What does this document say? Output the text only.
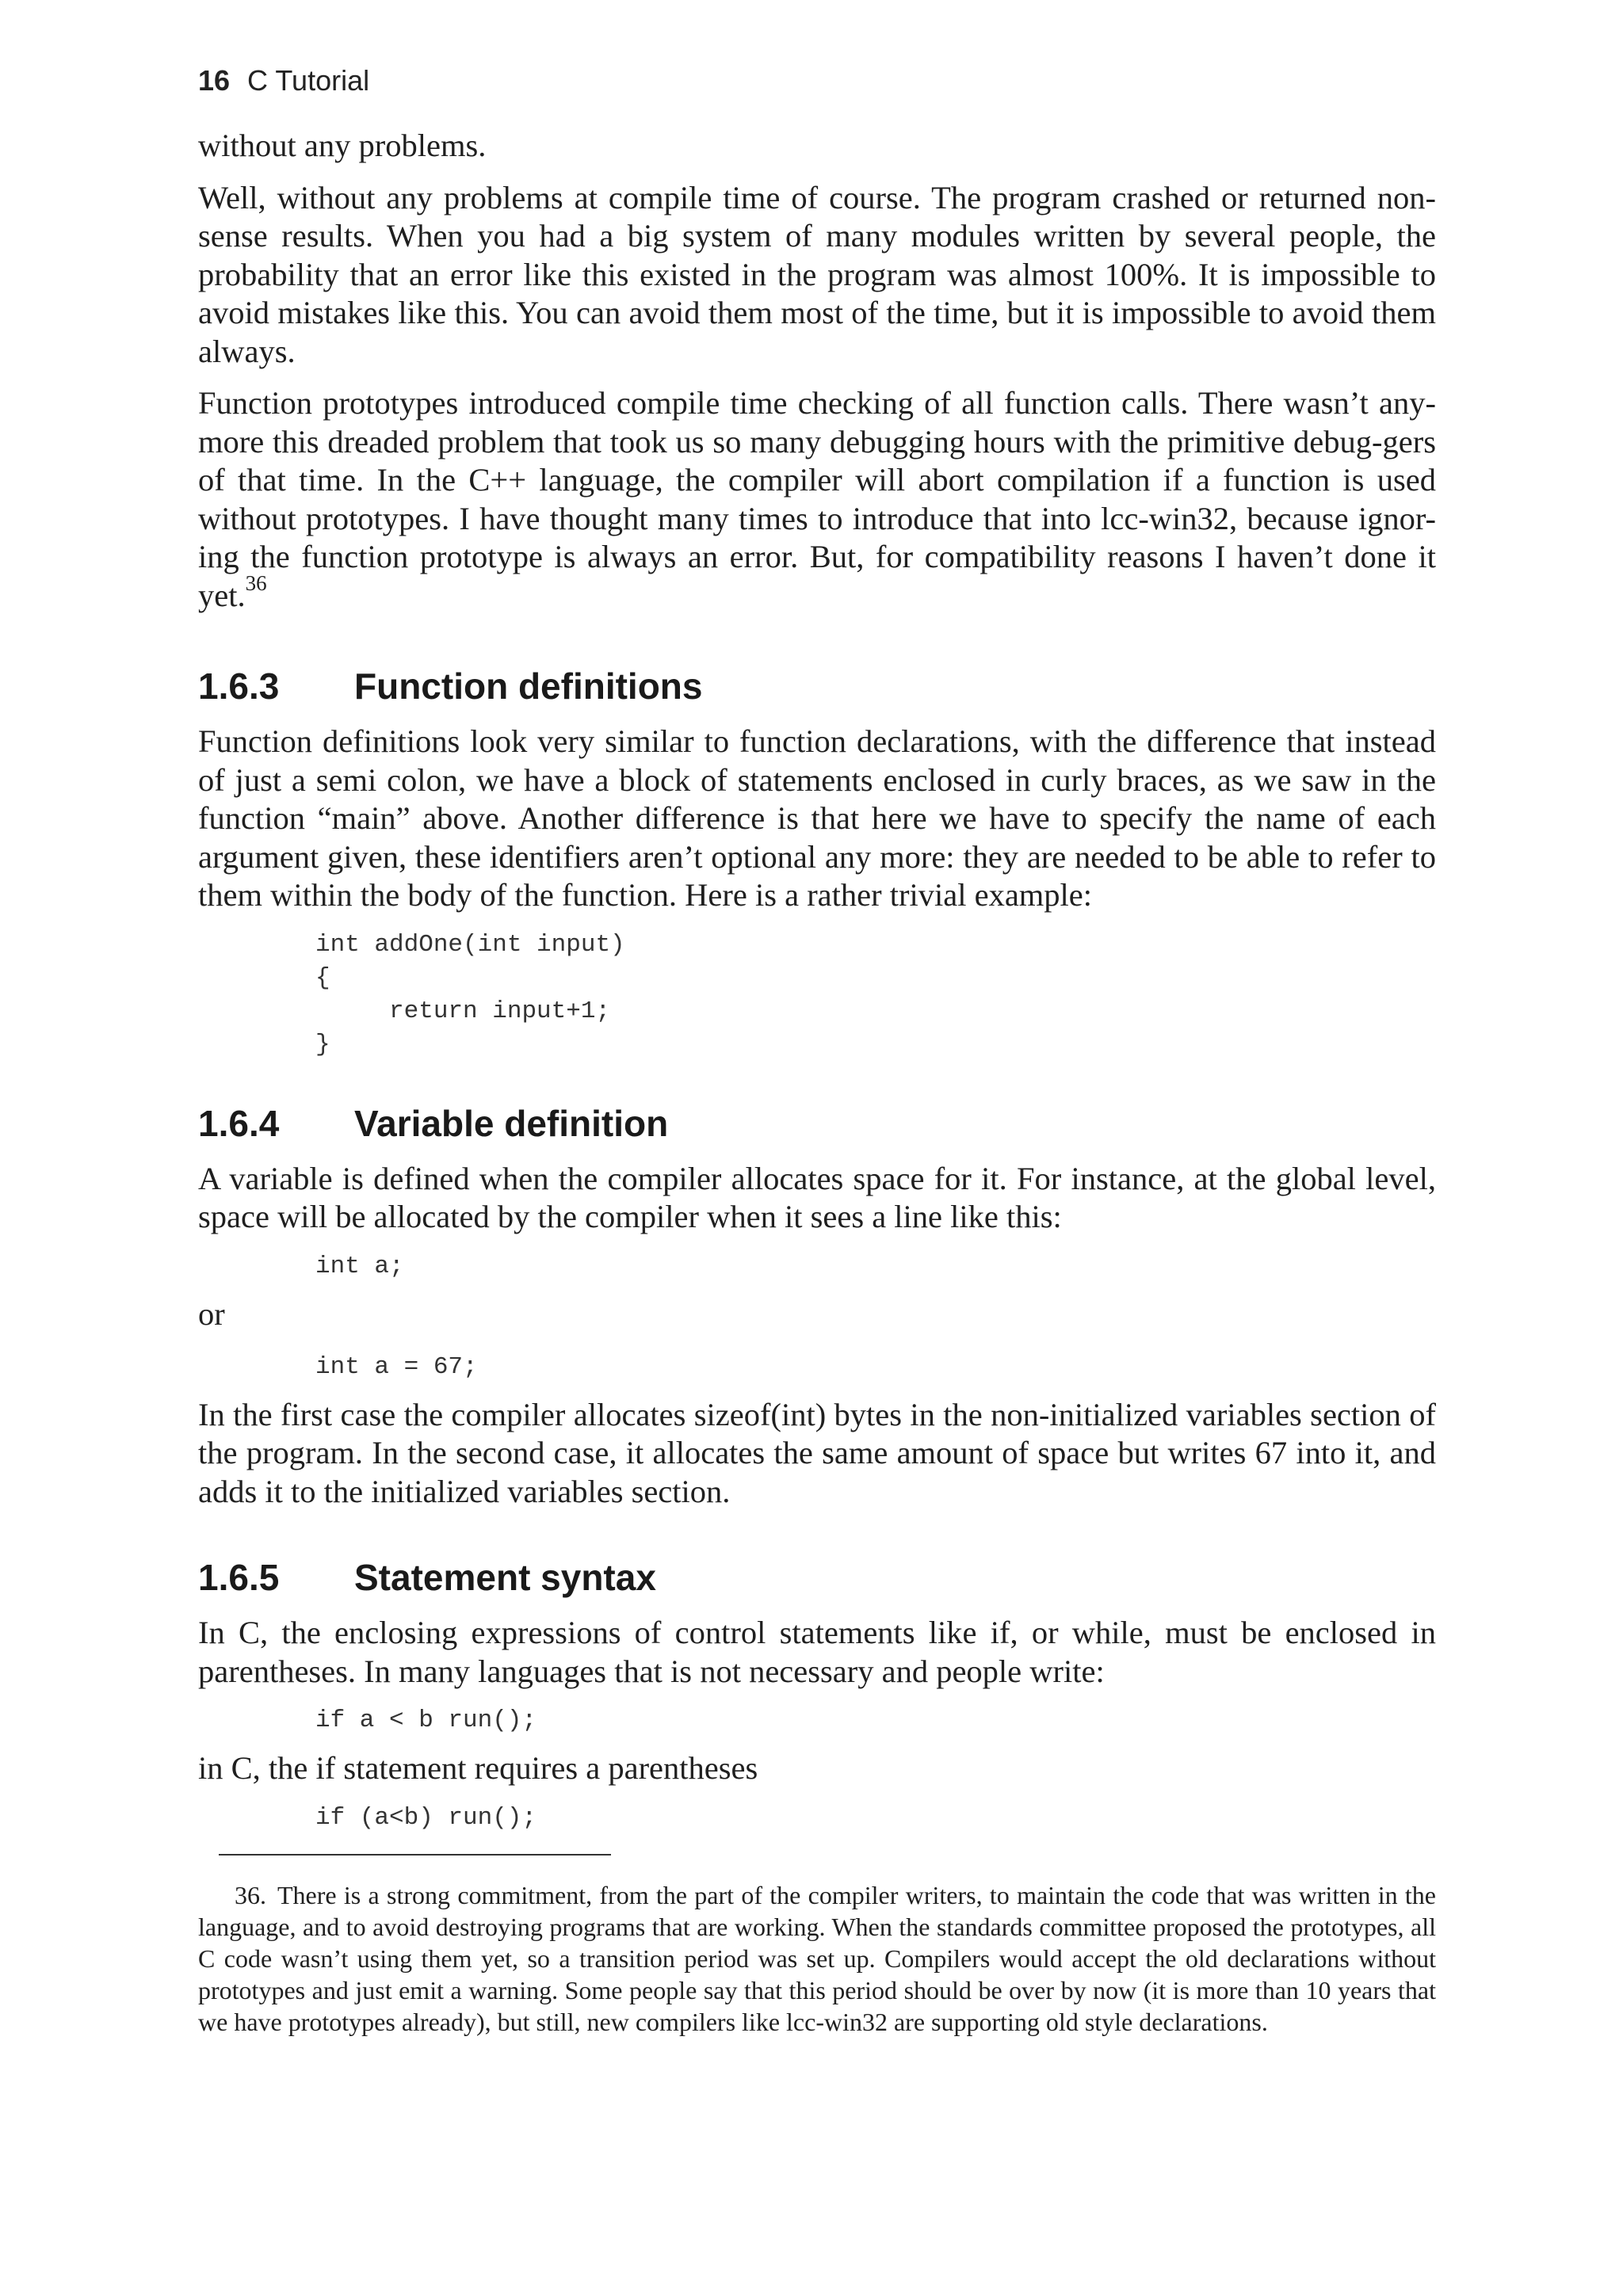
16 C Tutorial

without any problems.

Well, without any problems at compile time of course. The program crashed or returned non-sense results. When you had a big system of many modules written by several people, the probability that an error like this existed in the program was almost 100%. It is impossible to avoid mistakes like this. You can avoid them most of the time, but it is impossible to avoid them always.

Function prototypes introduced compile time checking of all function calls. There wasn’t any-more this dreaded problem that took us so many debugging hours with the primitive debug-gers of that time. In the C++ language, the compiler will abort compilation if a function is used without prototypes. I have thought many times to introduce that into lcc-win32, because ignor-ing the function prototype is always an error. But, for compatibility reasons I haven’t done it yet.$^{36}$

1.6.3 Function definitions

Function definitions look very similar to function declarations, with the difference that instead of just a semi colon, we have a block of statements enclosed in curly braces, as we saw in the function “main” above. Another difference is that here we have to specify the name of each argument given, these identifiers aren’t optional any more: they are needed to be able to refer to them within the body of the function. Here is a rather trivial example:

int addOne(int input)
{
return input+1;
}
1.6.4 Variable definition

A variable is defined when the compiler allocates space for it. For instance, at the global level, space will be allocated by the compiler when it sees a line like this:

int a;
or
int a = 67;

In the first case the compiler allocates sizeof(int) bytes in the non-initialized variables section of the program. In the second case, it allocates the same amount of space but writes 67 into it, and adds it to the initialized variables section.

1.6.5 Statement syntax

In C, the enclosing expressions of control statements like if, or while, must be enclosed in parentheses. In many languages that is not necessary and people write:

if a < b run();

in C, the if statement requires a parentheses

if (a<b) run();

36. There is a strong commitment, from the part of the compiler writers, to maintain the code that was written in the language, and to avoid destroying programs that are working. When the standards committee proposed the prototypes, all C code wasn’t using them yet, so a transition period was set up. Compilers would accept the old declarations without prototypes and just emit a warning. Some people say that this period should be over by now (it is more than 10 years that we have prototypes already), but still, new compilers like lcc-win32 are supporting old style declarations.
